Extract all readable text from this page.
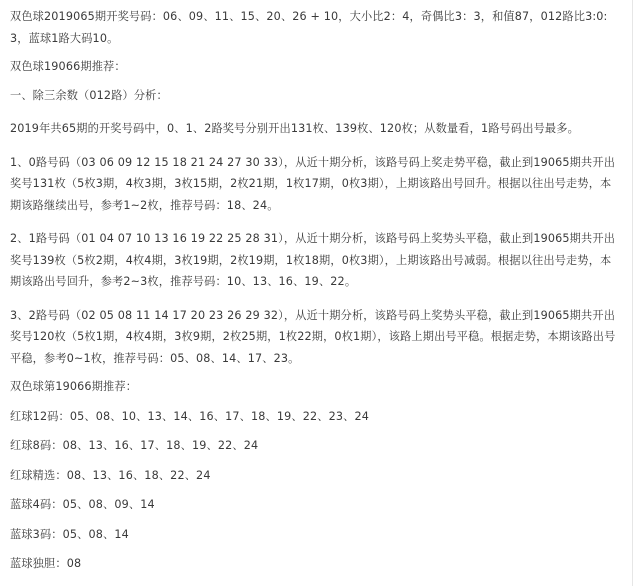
双色球2019065期开奖号码：06、09、11、15、20、26 + 10，大小比2：4，奇偶比3：3，和值87，012路比3:0:3，蓝球1路大码10。

双色球19066期推荐：

一、除三余数（012路）分析：

2019年共65期的开奖号码中，0、1、2路奖号分别开出131枚、139枚、120枚；从数量看，1路号码出号最多。

1、0路号码（03 06 09 12 15 18 21 24 27 30 33），从近十期分析，该路号码上奖走势平稳，截止到19065期共开出奖号131枚（5枚3期，4枚3期，3枚15期，2枚21期，1枚17期，0枚3期），上期该路出号回升。根据以往出号走势，本期该路继续出号，参考1~2枚，推荐号码：18、24。

2、1路号码（01 04 07 10 13 16 19 22 25 28 31），从近十期分析，该路号码上奖势头平稳，截止到19065期共开出奖号139枚（5枚2期，4枚4期，3枚19期，2枚19期，1枚18期，0枚3期），上期该路出号减弱。根据以往出号走势，本期该路出号回升，参考2~3枚，推荐号码：10、13、16、19、22。

3、2路号码（02 05 08 11 14 17 20 23 26 29 32），从近十期分析，该路号码上奖势头平稳，截止到19065期共开出奖号120枚（5枚1期，4枚4期，3枚9期，2枚25期，1枚22期，0枚1期），该路上期出号平稳。根据走势，本期该路出号平稳，参考0~1枚，推荐号码：05、08、14、17、23。

双色球第19066期推荐：

红球12码：05、08、10、13、14、16、17、18、19、22、23、24

红球8码：08、13、16、17、18、19、22、24

红球精选：08、13、16、18、22、24

蓝球4码：05、08、09、14

蓝球3码：05、08、14

蓝球独胆：08
